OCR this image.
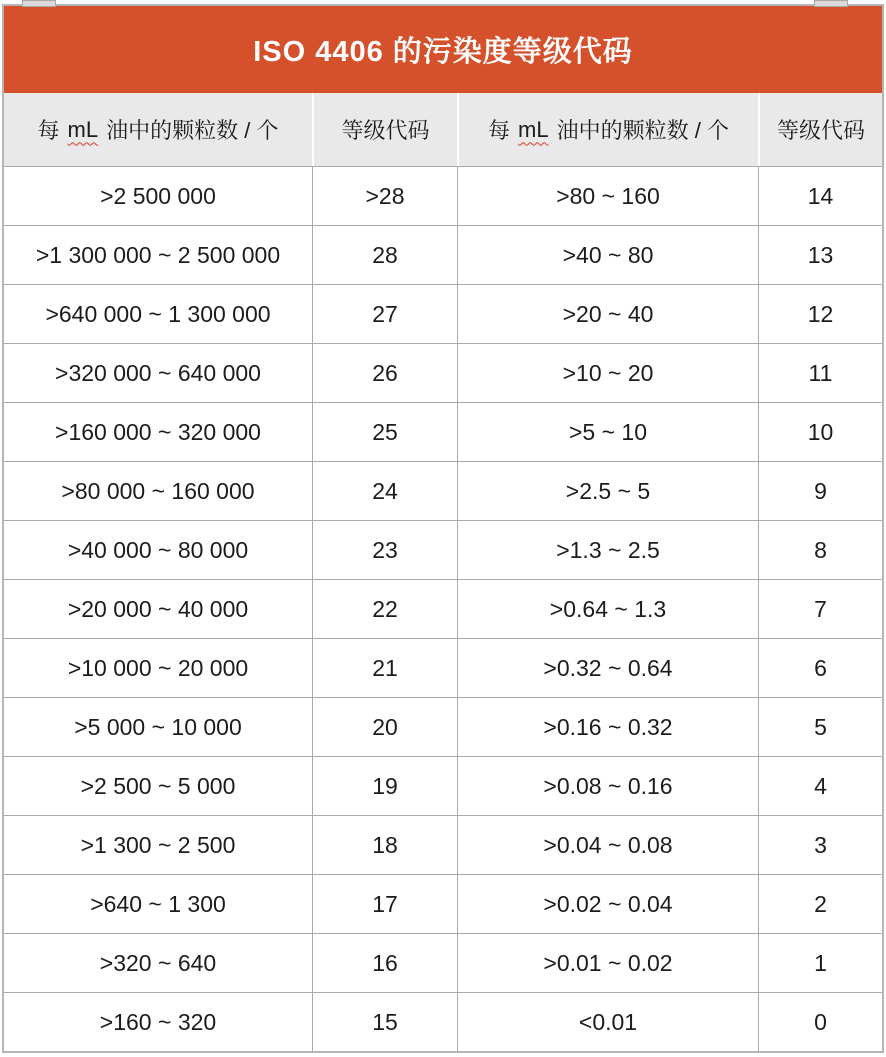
ISO 4406 的污染度等级代码
每 mL 油中的颗粒数 / 个	等级代码	每 mL 油中的颗粒数 / 个 等级代码
>2 500 000	>28	>80 ~ 160	14
>1 300 000 ~ 2 500 000	28	>40 ~ 80	13
>640 000 ~ 1 300 000	27	>20 ~ 40	12
>320 000 ~ 640 000	26	>10 ~ 20	11
>160 000 ~ 320 000	25	>5 ~ 10	10
>80 000 ~ 160 000	24	>2.5 ~ 5	9
>40 000 ~ 80 000	23	>1.3 ~ 2.5	8
>20 000 ~ 40 000	22	>0.64 ~ 1.3	7
>10 000 ~ 20 000	21	>0.32 ~ 0.64	6
>5 000 ~ 10 000	20	>0.16 ~ 0.32	5
>2 500 ~ 5 000	19	>0.08 ~ 0.16	4
>1 300 ~ 2 500	18	>0.04 ~ 0.08	3
>640 ~ 1 300	17	>0.02 ~ 0.04	2
>320 ~ 640	16	>0.01 ~ 0.02	1
>160 ~ 320	15	<0.01	0
